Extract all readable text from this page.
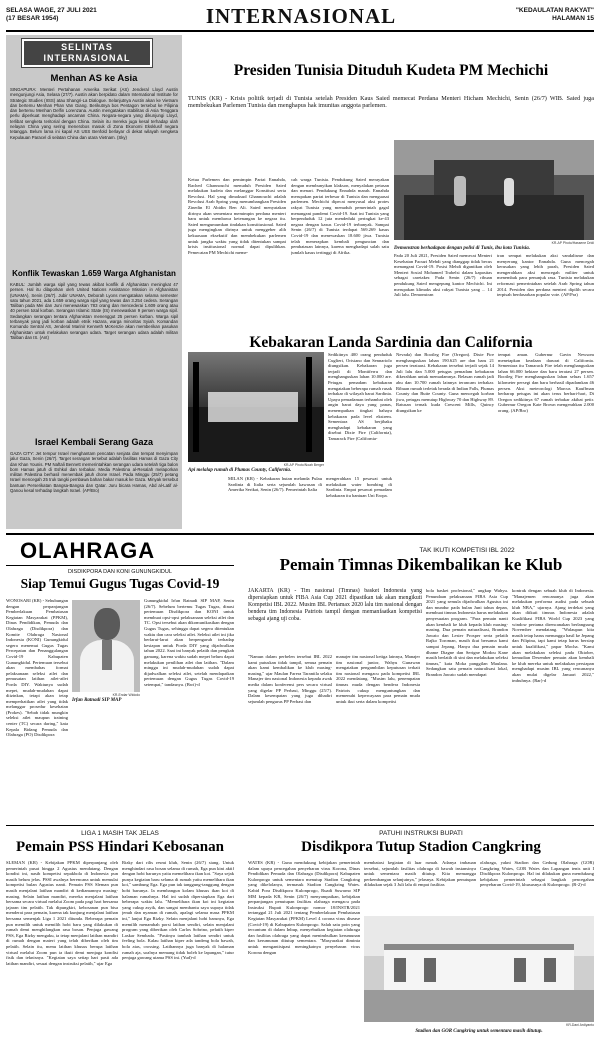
SELASA WAGE, 27 JULI 2021
(17 BESAR 1954)	INTERNASIONAL	"KEDAULATAN RAKYAT"
HALAMAN 15
SELINTAS
INTERNASIONAL
Menhan AS ke Asia
SINGAPURA: Menteri Pertahanan Amerika Serikat (AS) Jenderal Lloyd Austin mengunjungi Asia, Selasa (27/7). Austin akan berpidato dalam International Institute for Strategic Studies (IISS) atau Shangri-La Dialogue. Selanjutnya Austin akan ke Vietnam dan bertemu Menhan Phan Van Giang. Berikutnya bos Pentagon tersebut ke Filipina dan bertemu Menhan Delfin Lorenzana. Austin mengatakan stabilitas di Asia Tenggara perlu diperkuat menghadapi ancaman China. Negara-negara yang dikunjungi Lloyd, terlibat sengketa teritorial dengan China. Selain itu mereka juga kesal terhadap ulah nelayan China yang sering menerobos masuk di Zona Ekonomi Eksklusif negara tetangga. Belum lama ini kapal AS USS Benfold berlayar di dekat wilayah sengketa Kepulauan Paracel di selatan China dan utara Vietnam. (Sky)
Konflik Tewaskan 1.659 Warga Afghanistan
KABUL: Jumlah warga sipil yang tewas akibat konflik di Afghanistan meningkat 47 persen. Hal itu dilaporkan oleh United Nations Assistance Mission in Afghanistan (UNAMA), Senin (26/7). Jubir UNAMA, Deborah Lyons mengatakan selama semester satu tahun 2021, ada 1.659 orang warga sipil yang tewas dan 3.254 cedera. Serangan Taliban pada Mei dan Juni menewaskan 783 orang dan mencederai 1.609 orang atau 40 persen total korban. Serangan Islamic State (IS) menewaskan 9 persen warga sipil. Sedangkan serangan tentara Afghanistan menenggut 25 persen korban. Warga sipil terbanyak yang jadi korban adalah etnik Hazara, warga minoritas Syiah. Komandan Komando Sentral AS, Jenderal Marinir Kenneth McKenzie akan memberikan pasukan Afghanistan untuk melakukan serangan udara. Target serangan udara adalah militan Taliban dan IS. (Ant)
Israel Kembali Serang Gaza
GAZA CITY: Jet tempur Israel menghantam pencatan senjata dan tempat menyimpan jalur Gaza, Senin (26/7). Target serangan tersebut adalah fasilitas Hamas di Gaza City dan Khan Younis. PM Naftali Bennett memerintahkan serangan udara setelah tiga balon bom Hamas jatuh di Eshkol dan terbakar. Media Palestina al-Resalah melaporkan militan Palestina berhasil menembak jatuh drone Israel. Pada Minggu (25/7) petang Israel mencegah 25 truk tangki pembawa bahan bakar masuk ke Gaza. Minyak tersebut bantuan Perserikatan Bangsa-Bangsa dan Qatar. Juru bicara Hamas, Abd al-Latif al-Qanou kesal terhadap langkah Israel. (AP/Bro)
Presiden Tunisia Dituduh Kudeta PM Mechichi
TUNIS (KR) - Krisis politik terjadi di Tunisia setelah Presiden Kaus Saied memecat Perdana Menteri Hicham Mechichi, Senin (26/7) WIB. Saied juga membekukan Parlemen Tunisia dan menghapus hak imunitas anggota parlemen.
Ketua Parlemen dan pemimpin Partai Ennahda, Rached Ghannouchi menuduh Presiden Saied melakukan kudeta dan melanggar Konstitusi serta Revolusi. Hal yang dimaksud Ghannouchi adalah Revolusi Arab Spring yang menumbangkan Presiden Zinedin El Abidin Ben Ali. Saied menyatakan dirinya akan sementara memimpin perdana menteri baru untuk membawa ketenangan ke negara itu. Saied mengumumkan tindakan konstitusional. Saied juga mengingkan dirinya untuk menggeber alih kekuasaan eksekutif dan membekukan parlemen untuk jangka waktu yang tidak ditentukan sampai krisis institusional normal dapat dipulihkan. Pemecatan PM Mechichi meme-
cah warga Tunisia. Pendukung Saied merayakan dengan membunyikan klakson, menyalakan petasan dan menari. Pendukung Ennahda marah. Ennahda merupakan partai terbesar di Tunisia dan menguasai parlemen. Mechichi dipecat menyusul aksi protes rakyat Tunisia yang menuduh pemerintah gagal menangani pandemi Covid-19. Saat ini Tunisia yang berpenduduk 12 juta mendeduki peringkat ke-43 negara dengan kasus Covid-19 terbanyak. Sampai Senin (26/7) di Tunisia terdapat 569.269 kasus Covid-19 dan menewaskan 18.600 jiwa. Tunisia telah menerapkan kembali penguncian dan pembatasan lainnya, karena menghadapi salah satu jumlah kasus tertinggi di Afrika.
KR-AP Photo/Hassene Dridi
Demonstran berhadapan dengan polisi di Tunis, ibu kota Tunisia.
Pada 20 Juli 2021, Presiden Saied memecat Menteri Kesehatan Faouzi Mehdi yang dianggap tidak becus menangani Covid-19. Posisi Mehdi digantikan oleh Menteri Sosial Mohamed Trabelsi dalam kapasitas sebagai caretaker. Pada Senin (26/7) ribuan pendukung Saied mengepung kantor Mechichi. Ini merupakan klimaks aksi rakyat Tunisia yang ... 14 Juli lalu. Demonstran
tran sempat melakukan aksi vandalisme dan menyerang kantor Ennahda. Guna mencegah kerusakan yang lebih parah, Presiden Saied mengerahkan aksi mencegah militer untuk menembak para penunjuk rasa. Tunisia melakukan reformasi pemerintahan setelah Arab Spring tahun 2014. Presiden dan perdana menteri dipilih secara terpisah berdasarkan popular vote. (AP/Pra)
Kebakaran Landa Sardinia dan California
KR-AP Photo/Noah Berger
Api melalap rumah di Plumas County, California.
MILAN (KR) - Kebakaran hutan melanda Pulau Sardinia di Italia serta sejumlah kawasan di Amerika Serikat, Senin (26/7). Pemerintah Italia
mengerahkan 15 pesawat untuk melakukan water bombing di Sardinia. Empat pesawat pemadam kebakaran itu bantuan Uni Eropa.
Sedikitnya 400 orang penduduk Cuglieri, Oristano dan Sennariolo diungsikan. Kebakaran juga terjadi di Montiferru dan menghanguskan lahan 10.000 are. Petugas pemadam kebakaran mengatakan beberapa rumah rusak terbakar di wilayah barat Sardinia. Upaya pemadaman terhambat oleh angin barat daya yang panas, menempatkan tingkat bahaya kebakaran pada level ekstrem. Sementara AS berjibaku menghadapi kebakaran yang disebut Dixie Fire (California), Tamarack Fire (California-
Nevada) dan Bootleg Fire (Oregon). Dixie Fire menghanguskan lahan 190.625 are dan baru 21 persen terataasi. Kebakaran tersebut terjadi sejak 14 Juli lalu dan 5.000 petugas pemadam kebakaran dikerahkan untuk memadamnya. Belasan rumah jadi abu dan 10.700 rumah lainnya terancam terbakar. Ribuan rumah terletak berada di Indian Falls, Plumas County dan Butte County. Guna mencegah korban jiwa, petugas menutup Highway 70 dan Highway 89. Ratusan ternak kuda Crescent Mills, Quincy diungsikan ke
tempat aman. Gubernur Gavin Newsom menetapkan keadaan darurat di California. Sementara itu Tamarack Fire telah menghanguskan lahan 66.000 hektare dan baru teratasi 27 persen. Bootleg Fire menghanguskan lahan seluas 1.657 kilometer persegi dan baru berhasil dipadamkan 46 persen. Aksi meteorologi Marcus Kauffman berharap petugas ini akan terus berhari-hari, Di Oregon sedikitnya 67 rumah terbakar akibat petir. Gubernur Oregon Kate Brown mengerahkan 2.000 orang. (AP/Bro)
OLAHRAGA
DISDIKPORA DAN KONI GUNUNGKIDUL
Siap Temui Gugus Tugas Covid-19
WONOSARI (KR) - Sehubungan dengan perpanjangan Pemberlakuan Pembatasan Kegiatan Masyarakat (PPKM), Dinas Pendidikan, Pemuda dan Olahraga (Disdikpora) dan Komite Olahraga Nasional Indonesia (KONI) Gunungkidul segera menemui Gugus Tugas Percepatan dan Penanggulangan Covid-19 Kabupaten Gunungkidul. Pertemuan tersebut akan membahas format pelaksanaan seleksi atlet dan pemusatan latihan atlet-atlet Porda DIY. Waktunya sudah mepet, mudah-mudahan dapat diizinkan, tetapi akan tetap memperhatikan atlet yang tidak melanggar prosedur kesehatan (Prokes). "Sebab tidak mungkin seleksi atlet maupun training center (TC) secara daring," kata Kepala Bidang Pemuda dan Olahraga (PO) Disdikpora
KR-Endar Widodo
Irfan Ratnadi SIP MAP
Gunungkidul Irfan Ratnadi SIP MAP, Senin (26/7). Sebelum bertemu Tugas Tugas, dinasi pertemuan Disdikpora dan KONI untuk membuat opsi-opsi pelaksanaan seleksi atlet dan TC. Opsi tersebut akan dikomunikasikan dengan Gugus Tugas, sehingga dapat segera ditentukan waktu dan cara seleksi atlet. Seleksi atlet ini jika berlarut-larut akan berpengaruh terhadap kesiapan untuk Porda DIY yang dijadwalkan tahun 2022. Saat ini banyak pelatih dan pengkab gamang, karena waktu sudah mepet belum dapat melakukan penilihan atlet dan latihan. "Dalam minggu ini mudah-mudahan sudah dapat dijadwalkan seleksi atlet, setelah mendapatkan pertemuan dengan Gugus Tugas Covid-19 setempat," tandasnya. (Bwi)-d
TAK IKUTI KOMPETISI IBL 2022
Pemain Timnas Dikembalikan ke Klub
JAKARTA (KR) - Tim nasional (Timnas) basket Indonesia yang dipersiapkan untuk FIBA Asia Cup 2021 dipastikan tak akan mengikuti Kompetisi IBL 2022. Musim IBL Pertamax 2020 lalu tim nasional dengan bendera tim Indonesia Patriots tampil dengan memanfaatkan kompetisi sebagai ajang uji coba.
"Namun dalam perbelen tersebut IBL 2022 kami putuskan tidak tampil, semua pemain akan kami kembalikan ke klub masing-masing," ujar Maulan Farera Tarantila selaku Manajer tim nasional Indonesia kepada awak media dalam konferensi pers secara virtual yang digelar PP Perbasi, Minggu (25/7). Dalam kesempatan yang juga dihadiri sejumlah pengurus PP Perbasi dan
manajer tim nasional ketiga lainnya, Manajer tim nasional junior, Wahyu Gunawan mengatakan pengambilan keputusan terkait tim nasional mengacu pada kompetisi IBL 2022 mendatang. "Musim lalu, penempatan timnas muda dengan bendera Indonesia Patriots cukup menguntungkan dan memenuhi kepercayaan para pemain muda untuk ikut serta dalam kompetisi
bola basket profesional," ungkap Wahyu. Penundaan pelaksanaan FIBA Asia Cup 2021 yang semula dijadwalkan Agustus ini dan mundur pada bulan Juni tahun depan, membuat timnas Indonesia harus melakukan penyesuaian program. "Para pemain nanti akan kembali ke klub kepada klub masing-masing. Dua pemain naturalisasi, Brandon Jawato dan Lester Prosper serta pelatih Rajko Toroman, masih ikut bersama kami sampai Jepang. Hanya dua pemain muda dhame Diagne dan Serigne Modou Kane masih berlatih di sini dan melakukan seleksi timnas," kata Moka panggilan Maulana. Sedangkan satu pemain naturalisasi lokal, Brandon Jawato sudah mendapat
kontrak dengan sebuah klub di Indonesia. "Manajemen rencananya juga akan melakukan performa audisi pada sebuah klub NBA," ujarnya. Ajang terdekat yang akan diikuti timnas Indonesia adalah Kualifikasi FIBA World Cup 2023 yang window pertama direncanakan berlangsung November mendatang. "Walaupun kita masih tetap harus menunggu hasil ke Jepang dan Filipina, tapi kami tetap harus bersiap untuk kualifikasi," papar Mocha. "Kami akan melakukan seleksi pada Oktober, kemudian Desember pemain akan kembali ke klub mereka untuk melakukan persiapan menghadapi musim IBL yang rencananya akan mulai digelar Januari 2022," imbuhnya. (Rar)-d
LIGA 1 MASIH TAK JELAS
Pemain PSS Hindari Kebosanan
SLEMAN (KR) - Kebijakan PPKM diperpanjang oleh pemerintah pusat hingga 2 Agustus mendatang. Dengan kondisi ini, nasib kompetisi sepakbola di Indonesia pun masih belum jelas. PSSI awalnya berencana untuk memulai kompetisi bulan Agustus nanti. Pemain PSS Sleman pun masih menjalani latihan mandiri di kediamannya masing-masing. Selain latihan mandiri, mereka menjalani latihan bersama secara virtual melalui Zoom pada pagi hari bersama jajaran tim pelatih. Tak dipungkiri, kebosanan pun bisa menderai para pemain, karena tak kunjung menjalani latihan bersama semenjak Liga 1 2021 ditunda. Beberapa pemain pun memilih untuk memilih hobi baru yang dilakukan di rumah demi menghilangkan rasa bosan. Penjaga gawang PSS, Ega Rizky mengaku, ia tetap menjalani latihan mandiri di rumah dengan materi yang telah diberikan oleh tim pelatih. Selain itu, menu latihan khusus berupa latihan virtual melalui Zoom pun ia ikuti demi menjaga kondisi fisik dan teknisnya. "Kegiatan saya setiap hari pasti ada latihan mandiri, sesuai dengan instruksi pelatih," ujar Ega
Rizky dari rilis resmi klub, Senin (26/7) siang. Untuk menghindari rasa bosan selama di rumah, Ega pun kini aktif dengan hobi barunya yaitu memelihara ikan koi. "Saya sejak punya kegiatan baru selama di rumah yaitu memelihara ikan koi," sambung Ega. Ega pun tak tanggung-tanggung dengan hobi barunya. Ia membangun kolam khusus ikan koi di halaman rumahnya. Hal ini sudah dipersiapkan Ega dari beberapa waktu lalu. "Memelihara ikan koi ini kegiatan yang cukup asyik, dan sangat membantu saya supaya tidak jenuh dan nyaman di rumah, apalagi selama masa PPKM ini," lanjut Ega Rizky. Selain menjalani hobi barunya, Ega memilih menambah porsi latihan sendiri, selain menjalani program yang diberikan oleh Carlos Sobrino, pelatih kiper Laskar Sembada. "Pastinya tambah latihan sendiri untuk feeling bola. Kalau latihan kiper ada tandeng bola bawah, bola atas, crossing. Latihannya juga banyak di halaman rumah aja, soalnya memang tidak boleh ke lapangan," tutur penjaga gawang utama PSS ini. (Yud)-d
PATUHI INSTRUKSI BUPATI
Disdikpora Tutup Stadion Cangkring
WATES (KR) - Guna mendukung kebijakan pemerintah dalam upaya pencegahan penyebaran virus Korona, Dinas Pendidikan Pemuda dan Olahraga (Disdikpora) Kabupaten Kulonprogo untuk sementara menutup Stadion Cangkring yang dikelolanya, termasuk Stadion Cangkring Wates. Kabid Pora Disdikpora Kulonprogo, Ruadi Suwarno SIP MM kepada KR, Senin (26/7) menyampaikan, kebijakan perpanjangan penutupan fasilitas olahraga mengacu pada Instruksi Bupati Kulonprogo nomor 18/INSTR/2021 tertanggal 21 Juli 2021 tentang Pemberlakuan Pembatasan Kegiatan Masyarakat (PPKM) Level 4 corona virus disease (Covid-19) di Kabupaten Kulonprogo. Salah satu poin yang tercantum di dalam Inbup, menyebutkan kegiatan olahraga dan fasilitas olahraga yang dapat menimbulkan kerumunan dan kerumunan ditutup sementara. "Masyarakat diminta untuk mengantisipasi meningkatnya penyebaran virus Korona dengan
membatasi kegiatan di luar rumah. Adanya imbauan tersebut, sejumlah fasilitas olahraga di bawah instansinya untuk sementara masih ditutup. Kita memangga perkembangan selanjutnya," jelasnya. Kebijakan penutupan dilakukan sejak 3 Juli lalu di empat fasilitas
olahraga, yakni Stadion dan Gedung Olahraga (GOR) Cangkring Wates, GOR Wates dan Lapangan tenis unit I Disdikpora Kulonprogo. Hal ini dilakukan guna mendukung kebijakan pemerintah sebagai langkah pencegahan penyebaran Covid-19, khususnya di Kulonprogo. (R-2)-d
KR-Dani Ardiyanto
Stadion dan GOR Cangkring untuk sementara masih ditutup.
